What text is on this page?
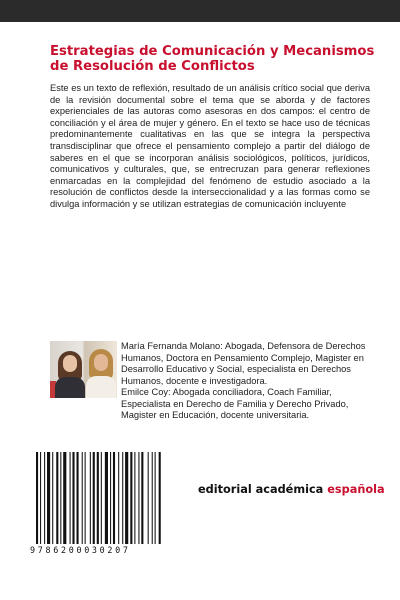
Estrategias de Comunicación y Mecanismos de Resolución de Conflictos

Este es un texto de reflexión, resultado de un análisis crítico social que deriva de la revisión documental sobre el tema que se aborda y de factores experienciales de las autoras como asesoras en dos campos: el centro de conciliación y el área de mujer y género. En el texto se hace uso de técnicas predominantemente cualitativas en las que se integra la perspectiva transdisciplinar que ofrece el pensamiento complejo a partir del diálogo de saberes en el que se incorporan análisis sociológicos, políticos, jurídicos, comunicativos y culturales, que, se entrecruzan para generar reflexiones enmarcadas en la complejidad del fenómeno de estudio asociado a la resolución de conflictos desde la interseccionalidad y a las formas como se divulga información y se utilizan estrategias de comunicación incluyente

María Fernanda Molano: Abogada, Defensora de Derechos Humanos, Doctora en Pensamiento Complejo, Magister en Desarrollo Educativo y Social, especialista en Derechos Humanos, docente e investigadora.

Emilce Coy: Abogada conciliadora, Coach Familiar, Especialista en Derecho de Familia y Derecho Privado, Magister en Educación, docente universitaria.

9786200030207
editorial académica española
